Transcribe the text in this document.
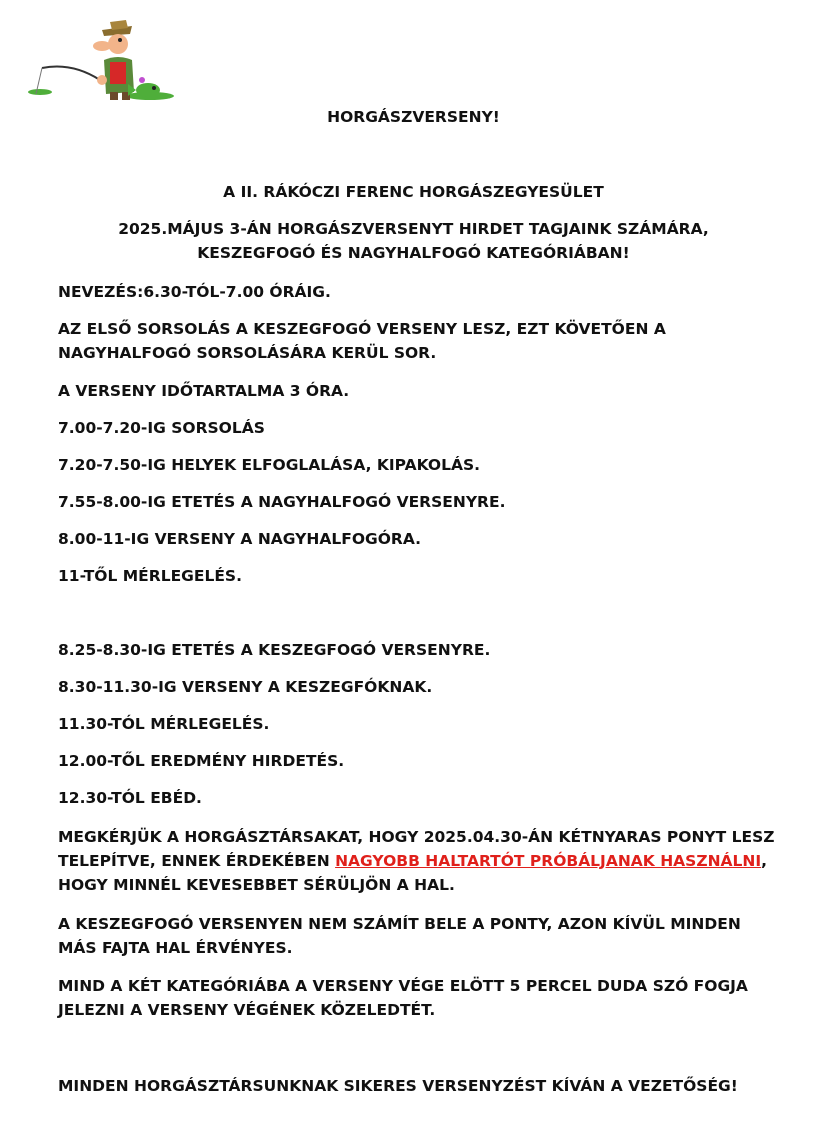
HORGÁSZVERSENY!
A II. RÁKÓCZI FERENC HORGÁSZEGYESÜLET
2025.MÁJUS 3-ÁN HORGÁSZVERSENYT HIRDET TAGJAINK SZÁMÁRA, KESZEGFOGÓ ÉS NAGYHALFOGÓ KATEGÓRIÁBAN!
NEVEZÉS:6.30-TÓL-7.00 ÓRÁIG.
AZ ELSŐ SORSOLÁS A KESZEGFOGÓ VERSENY LESZ, EZT KÖVETŐEN A NAGYHALFOGÓ SORSOLÁSÁRA KERÜL SOR.
A VERSENY IDŐTARTALMA 3 ÓRA.
7.00-7.20-IG SORSOLÁS
7.20-7.50-IG HELYEK ELFOGLALÁSA, KIPAKOLÁS.
7.55-8.00-IG ETETÉS A NAGYHALFOGÓ VERSENYRE.
8.00-11-IG VERSENY A NAGYHALFOGÓRA.
11-TŐL MÉRLEGELÉS.
8.25-8.30-IG ETETÉS A KESZEGFOGÓ VERSENYRE.
8.30-11.30-IG VERSENY A KESZEGFÓKNAK.
11.30-TÓL MÉRLEGELÉS.
12.00-TŐL EREDMÉNY HIRDETÉS.
12.30-TÓL EBÉD.
MEGKÉRJÜK A HORGÁSZTÁRSAKAT, HOGY 2025.04.30-ÁN KÉTNYARAS PONYT LESZ TELEPÍTVE, ENNEK ÉRDEKÉBEN NAGYOBB HALTARTÓT PRÓBÁLJANAK HASZNÁLNI, HOGY MINNÉL KEVESEBBET SÉRÜLJÖN A HAL.
A KESZEGFOGÓ VERSENYEN NEM SZÁMÍT BELE A PONTY, AZON KÍVÜL MINDEN MÁS FAJTA HAL ÉRVÉNYES.
MIND A KÉT KATEGÓRIÁBA A VERSENY VÉGE ELÖTT 5 PERCEL DUDA SZÓ FOGJA JELEZNI A VERSENY VÉGÉNEK KÖZELEDTÉT.
MINDEN HORGÁSZTÁRSUNKNAK SIKERES VERSENYZÉST KÍVÁN A VEZETŐSÉG!
